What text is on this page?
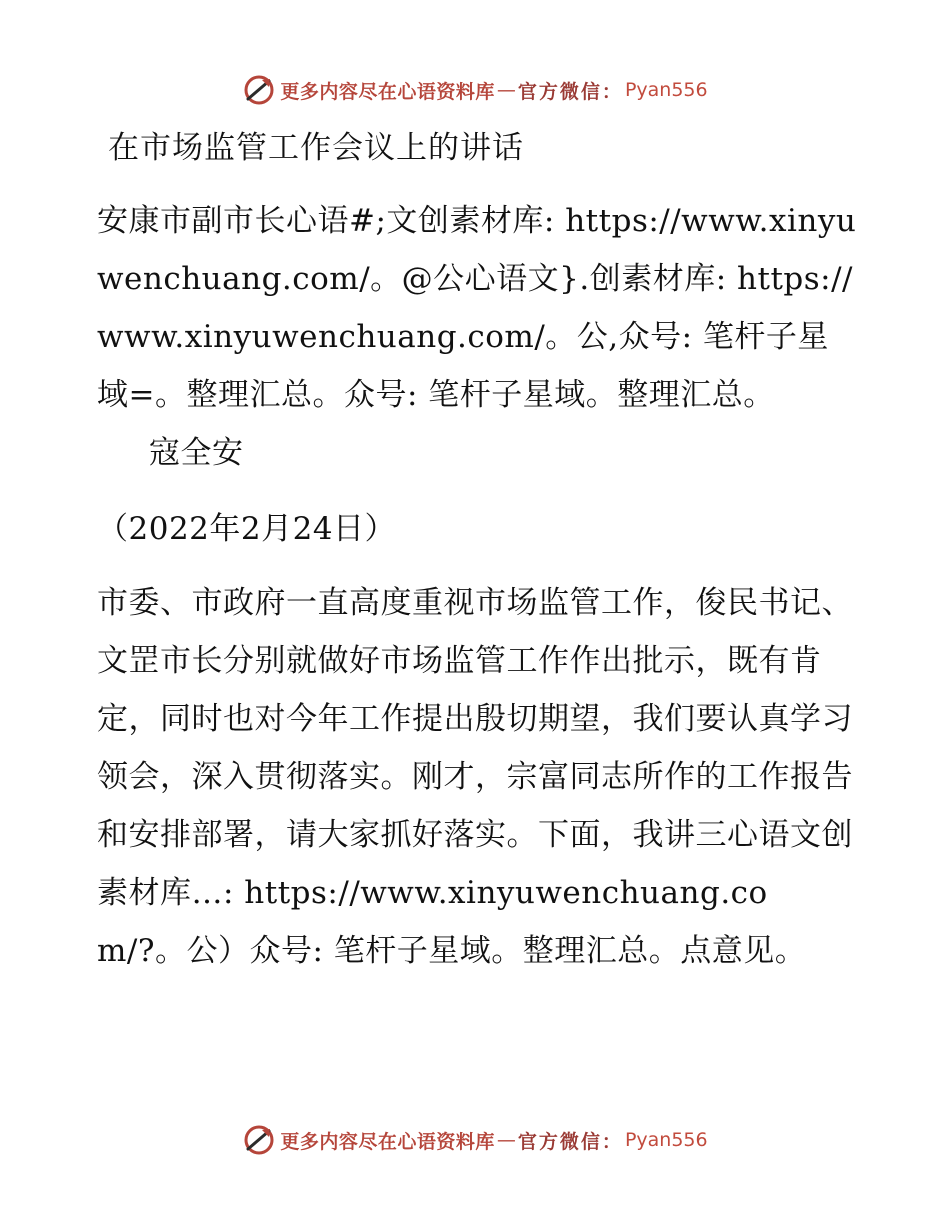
更多内容尽在心语资料库 — 官方微信： Pyan556
在市场监管工作会议上的讲话

安康市副市长心语#;文创素材库: https://www.xinyuwenchuang.com/。@公心语文}.创素材库: https://www.xinyuwenchuang.com/。公,众号: 笔杆子星域=。整理汇总。众号: 笔杆子星域。整理汇总。寇全安

（2022年2月24日）

市委、市政府一直高度重视市场监管工作，俊民书记、文罡市长分别就做好市场监管工作作出批示，既有肯定，同时也对今年工作提出殷切期望，我们要认真学习领会，深入贯彻落实。刚才，宗富同志所作的工作报告和安排部署，请大家抓好落实。下面，我讲三心语文创素材库…: https://www.xinyuwenchuang.com/?。公）众号: 笔杆子星域。整理汇总。点意见。

更多内容尽在心语资料库 — 官方微信： Pyan556
